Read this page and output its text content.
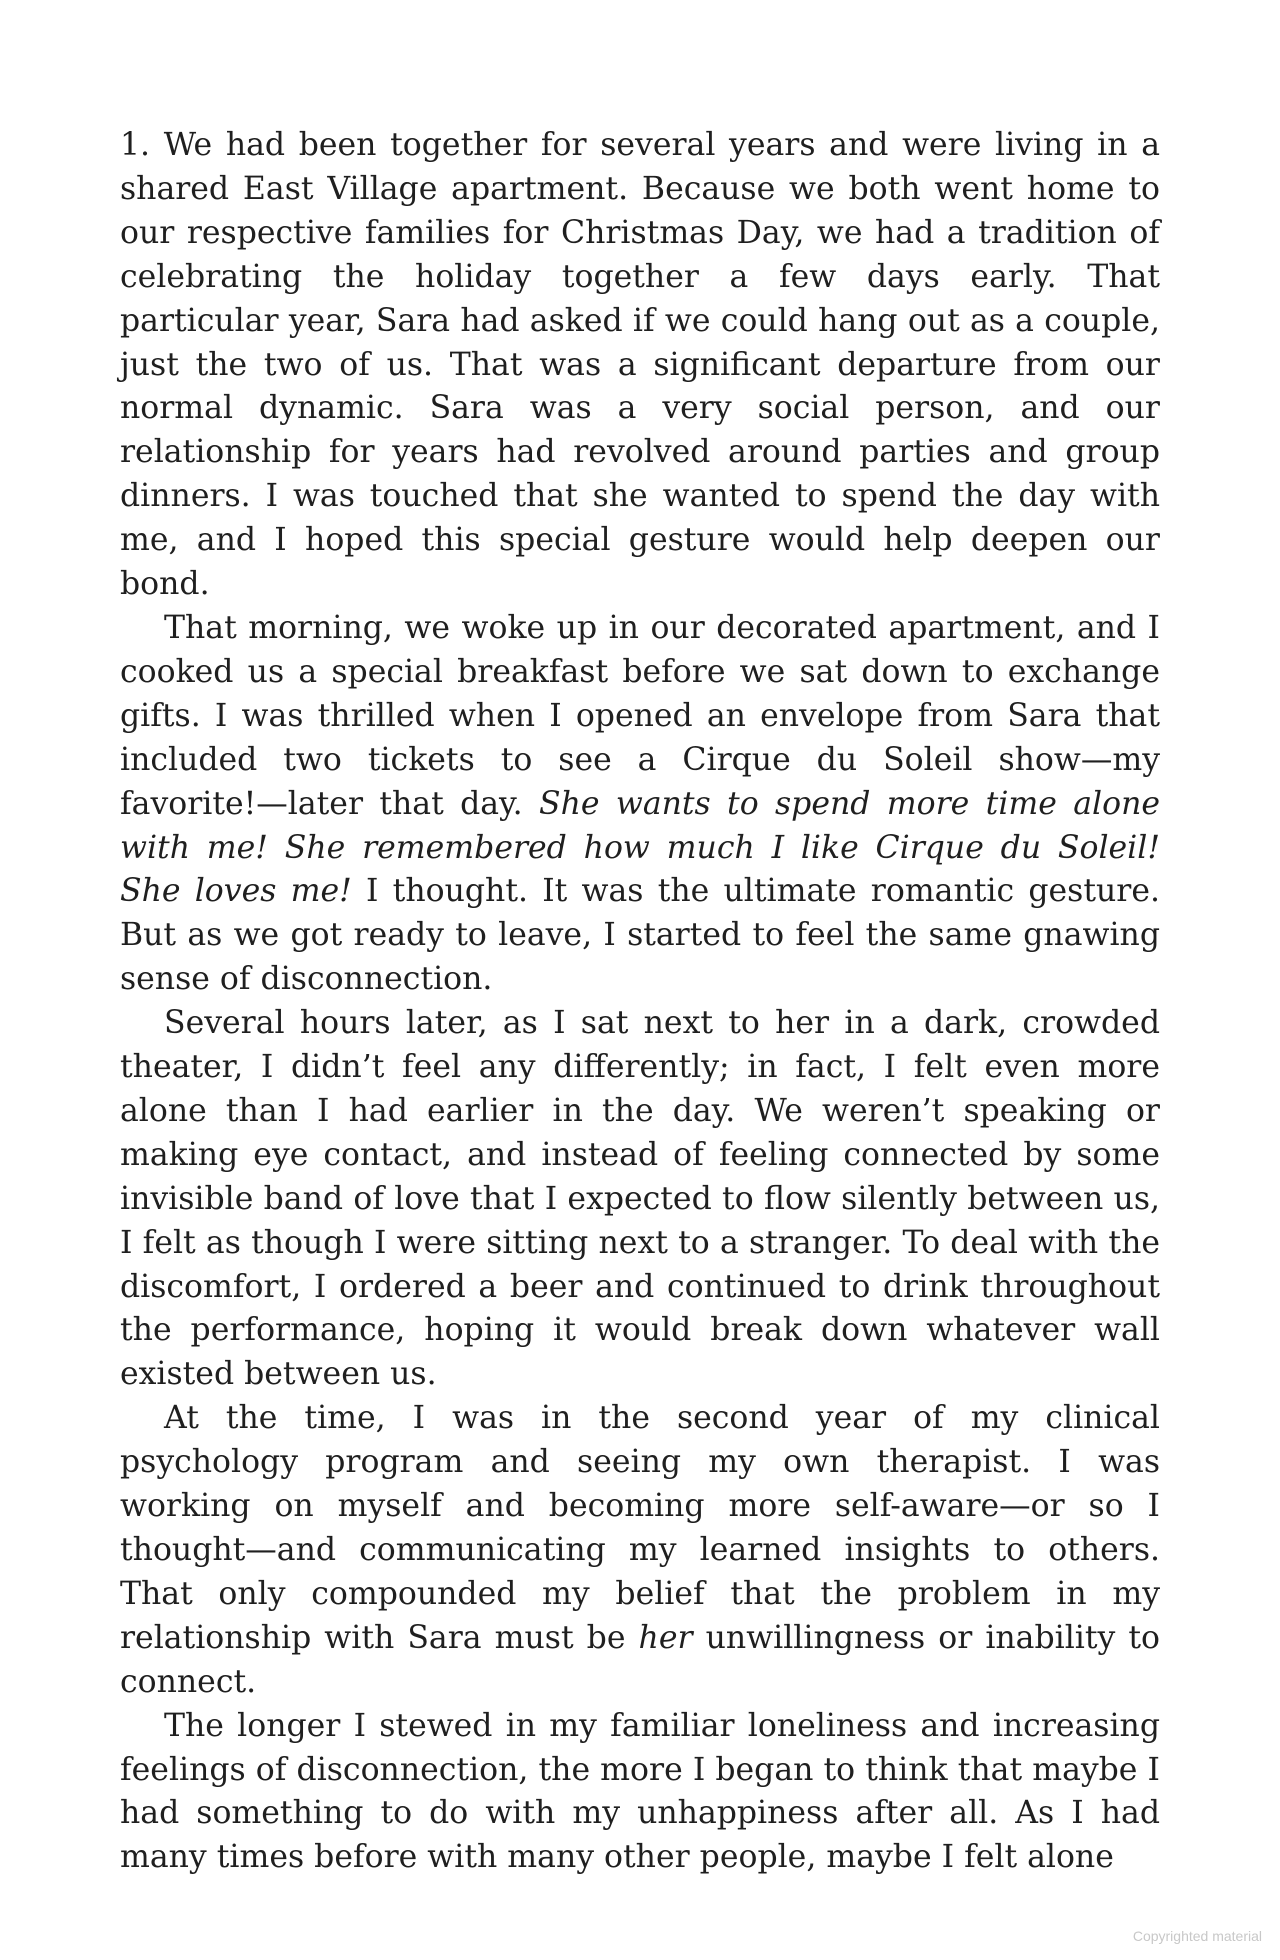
1. We had been together for several years and were living in a shared East Village apartment. Because we both went home to our respective families for Christmas Day, we had a tradition of celebrating the holiday together a few days early. That particular year, Sara had asked if we could hang out as a couple, just the two of us. That was a significant departure from our normal dynamic. Sara was a very social person, and our relationship for years had revolved around parties and group dinners. I was touched that she wanted to spend the day with me, and I hoped this special gesture would help deepen our bond.

That morning, we woke up in our decorated apartment, and I cooked us a special breakfast before we sat down to exchange gifts. I was thrilled when I opened an envelope from Sara that included two tickets to see a Cirque du Soleil show—my favorite!—later that day. She wants to spend more time alone with me! She remembered how much I like Cirque du Soleil! She loves me! I thought. It was the ultimate romantic gesture. But as we got ready to leave, I started to feel the same gnawing sense of disconnection.

Several hours later, as I sat next to her in a dark, crowded theater, I didn’t feel any differently; in fact, I felt even more alone than I had earlier in the day. We weren’t speaking or making eye contact, and instead of feeling connected by some invisible band of love that I expected to flow silently between us, I felt as though I were sitting next to a stranger. To deal with the discomfort, I ordered a beer and continued to drink throughout the performance, hoping it would break down whatever wall existed between us.

At the time, I was in the second year of my clinical psychology program and seeing my own therapist. I was working on myself and becoming more self-aware—or so I thought—and communicating my learned insights to others. That only compounded my belief that the problem in my relationship with Sara must be her unwillingness or inability to connect.

The longer I stewed in my familiar loneliness and increasing feelings of disconnection, the more I began to think that maybe I had something to do with my unhappiness after all. As I had many times before with many other people, maybe I felt alone

Copyrighted material
